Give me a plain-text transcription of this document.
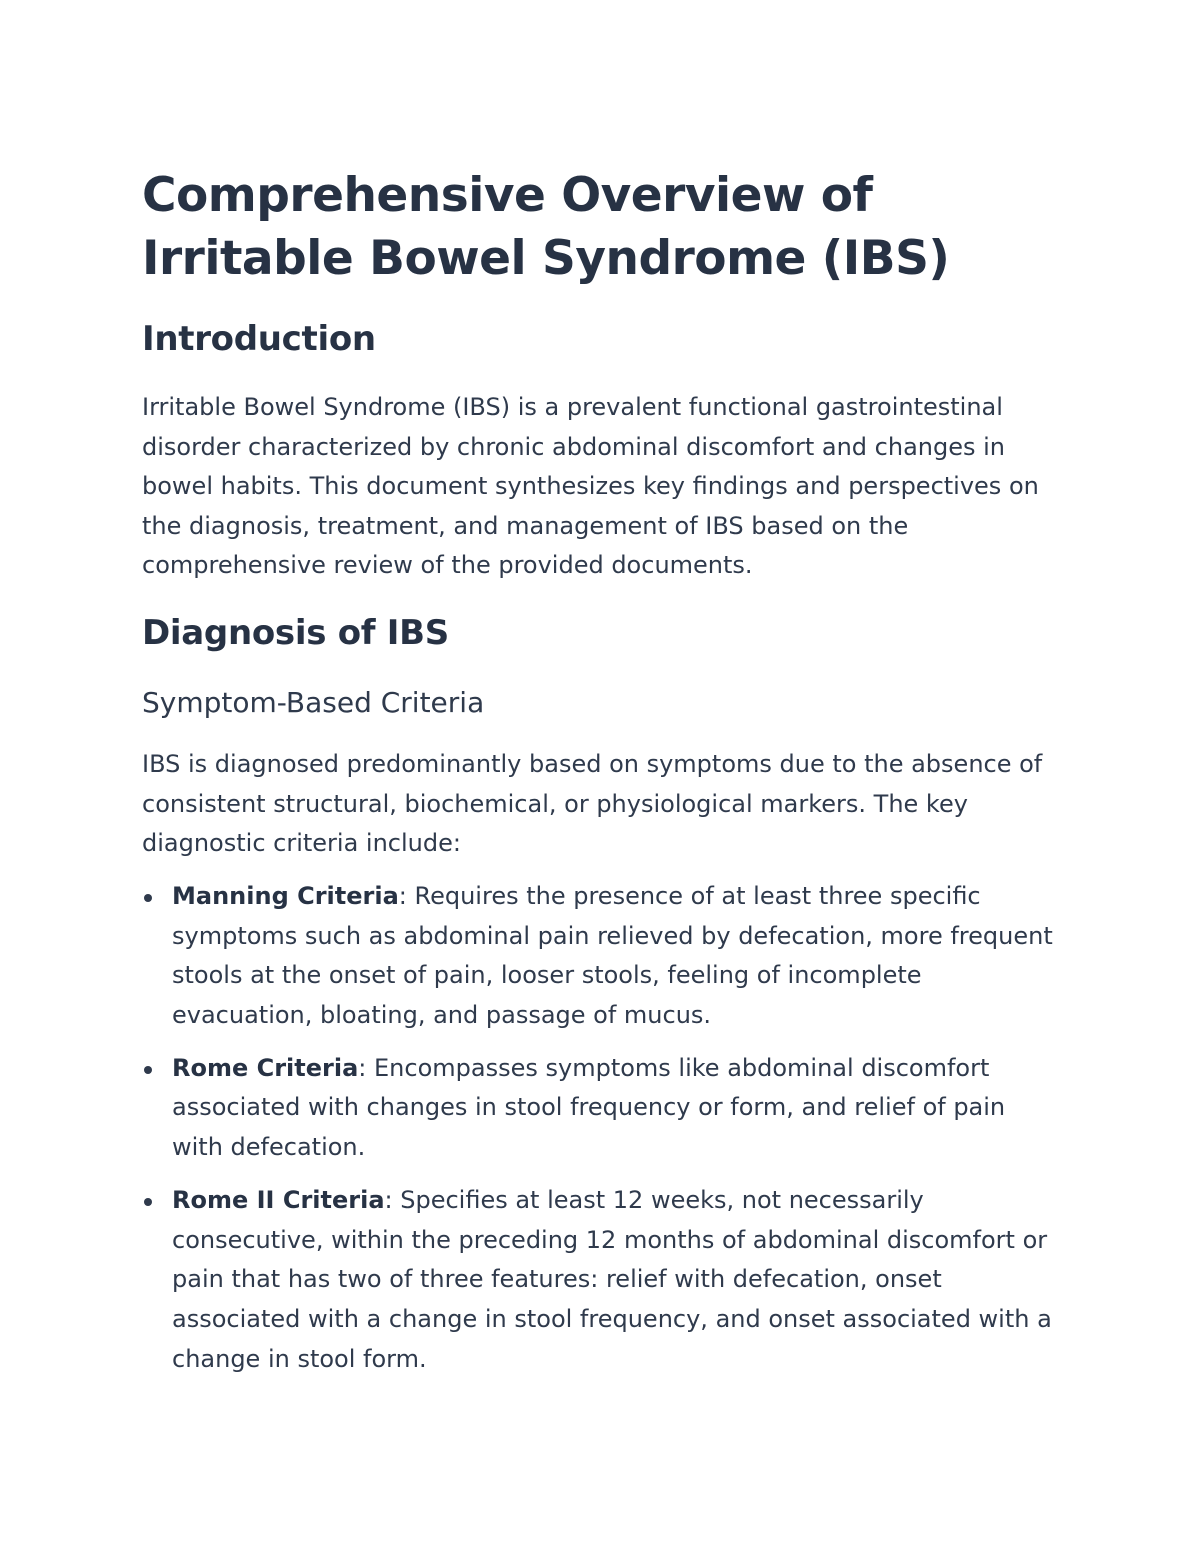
Comprehensive Overview of Irritable Bowel Syndrome (IBS)
Introduction

Irritable Bowel Syndrome (IBS) is a prevalent functional gastrointestinal disorder characterized by chronic abdominal discomfort and changes in bowel habits. This document synthesizes key findings and perspectives on the diagnosis, treatment, and management of IBS based on the comprehensive review of the provided documents.

Diagnosis of IBS
Symptom-Based Criteria

IBS is diagnosed predominantly based on symptoms due to the absence of consistent structural, biochemical, or physiological markers. The key diagnostic criteria include:

Manning Criteria: Requires the presence of at least three specific symptoms such as abdominal pain relieved by defecation, more frequent stools at the onset of pain, looser stools, feeling of incomplete evacuation, bloating, and passage of mucus.
Rome Criteria: Encompasses symptoms like abdominal discomfort associated with changes in stool frequency or form, and relief of pain with defecation.
Rome II Criteria: Specifies at least 12 weeks, not necessarily consecutive, within the preceding 12 months of abdominal discomfort or pain that has two of three features: relief with defecation, onset associated with a change in stool frequency, and onset associated with a change in stool form.
